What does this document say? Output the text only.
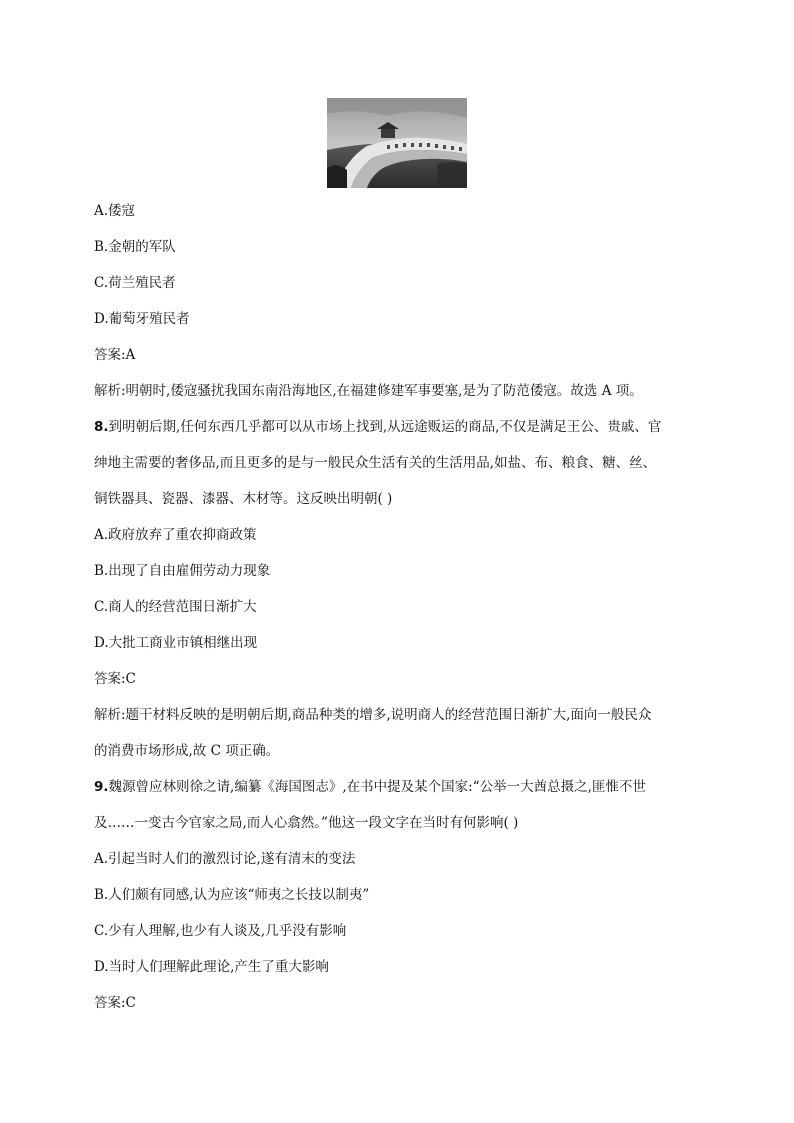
A.倭寇
B.金朝的军队
C.荷兰殖民者
D.葡萄牙殖民者
答案:A
解析:明朝时,倭寇骚扰我国东南沿海地区,在福建修建军事要塞,是为了防范倭寇。故选 A 项。
8.到明朝后期,任何东西几乎都可以从市场上找到,从远途贩运的商品,不仅是满足王公、贵戚、官
绅地主需要的奢侈品,而且更多的是与一般民众生活有关的生活用品,如盐、布、粮食、糖、丝、
铜铁器具、瓷器、漆器、木材等。这反映出明朝( )
A.政府放弃了重农抑商政策
B.出现了自由雇佣劳动力现象
C.商人的经营范围日渐扩大
D.大批工商业市镇相继出现
答案:C
解析:题干材料反映的是明朝后期,商品种类的增多,说明商人的经营范围日渐扩大,面向一般民众
的消费市场形成,故 C 项正确。
9.魏源曾应林则徐之请,编纂《海国图志》,在书中提及某个国家:“公举一大酋总摄之,匪惟不世
及……一变古今官家之局,而人心翕然。”他这一段文字在当时有何影响( )
A.引起当时人们的激烈讨论,遂有清末的变法
B.人们颇有同感,认为应该“师夷之长技以制夷”
C.少有人理解,也少有人谈及,几乎没有影响
D.当时人们理解此理论,产生了重大影响
答案:C
